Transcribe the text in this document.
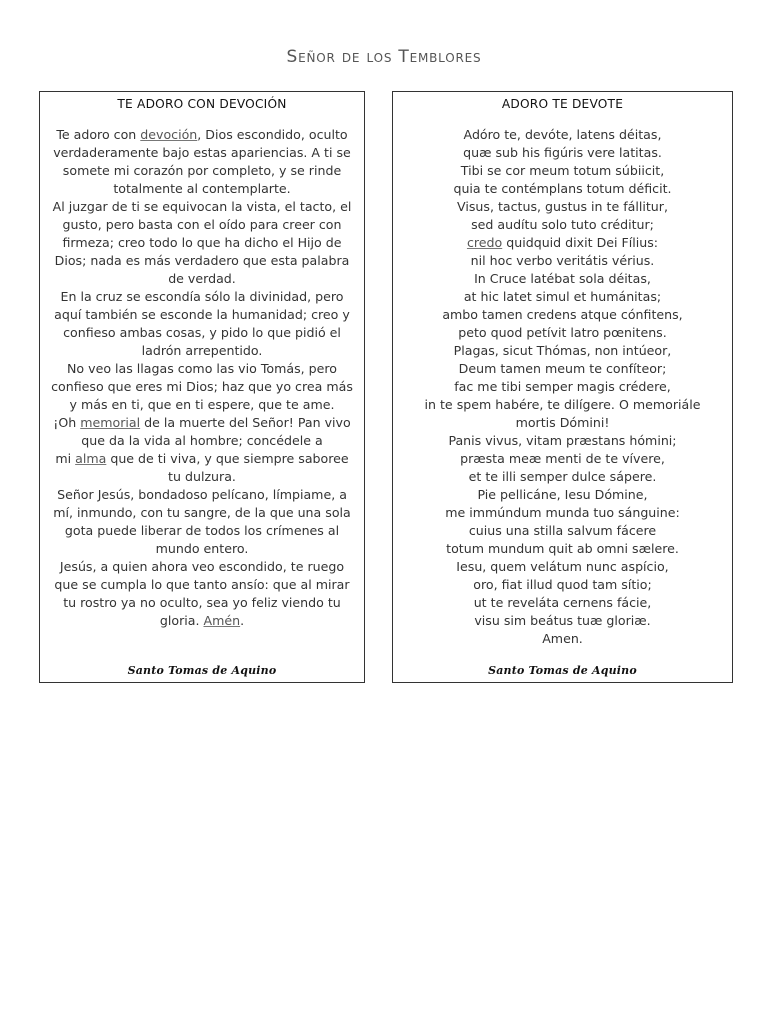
Señor de los Temblores
TE ADORO CON DEVOCIÓN
Te adoro con devoción, Dios escondido, oculto
verdaderamente bajo estas apariencias. A ti se
somete mi corazón por completo, y se rinde
totalmente al contemplarte.
Al juzgar de ti se equivocan la vista, el tacto, el
gusto, pero basta con el oído para creer con
firmeza; creo todo lo que ha dicho el Hijo de
Dios; nada es más verdadero que esta palabra
de verdad.
En la cruz se escondía sólo la divinidad, pero
aquí también se esconde la humanidad; creo y
confieso ambas cosas, y pido lo que pidió el
ladrón arrepentido.
No veo las llagas como las vio Tomás, pero
confieso que eres mi Dios; haz que yo crea más
y más en ti, que en ti espere, que te ame.
¡Oh memorial de la muerte del Señor! Pan vivo
que da la vida al hombre; concédele a
mi alma que de ti viva, y que siempre saboree
tu dulzura.
Señor Jesús, bondadoso pelícano, límpiame, a
mí, inmundo, con tu sangre, de la que una sola
gota puede liberar de todos los crímenes al
mundo entero.
Jesús, a quien ahora veo escondido, te ruego
que se cumpla lo que tanto ansío: que al mirar
tu rostro ya no oculto, sea yo feliz viendo tu
gloria. Amén.
Santo Tomas de Aquino
ADORO TE DEVOTE
Adóro te, devóte, latens déitas,
quæ sub his figúris vere latitas.
Tibi se cor meum totum súbiicit,
quia te contémplans totum déficit.
Visus, tactus, gustus in te fállitur,
sed audítu solo tuto créditur;
credo quidquid dixit Dei Fílius:
nil hoc verbo veritátis vérius.
In Cruce latébat sola déitas,
at hic latet simul et humánitas;
ambo tamen credens atque cónfitens,
peto quod petívit latro pœnitens.
Plagas, sicut Thómas, non intúeor,
Deum tamen meum te confíteor;
fac me tibi semper magis crédere,
in te spem habére, te dilígere. O memoriále
mortis Dómini!
Panis vivus, vitam præstans hómini;
præsta meæ menti de te vívere,
et te illi semper dulce sápere.
Pie pellicáne, Iesu Dómine,
me immúndum munda tuo sánguine:
cuius una stilla salvum fácere
totum mundum quit ab omni sælere.
Iesu, quem velátum nunc aspício,
oro, fiat illud quod tam sítio;
ut te reveláta cernens fácie,
visu sim beátus tuæ gloriæ.
Amen.
Santo Tomas de Aquino
